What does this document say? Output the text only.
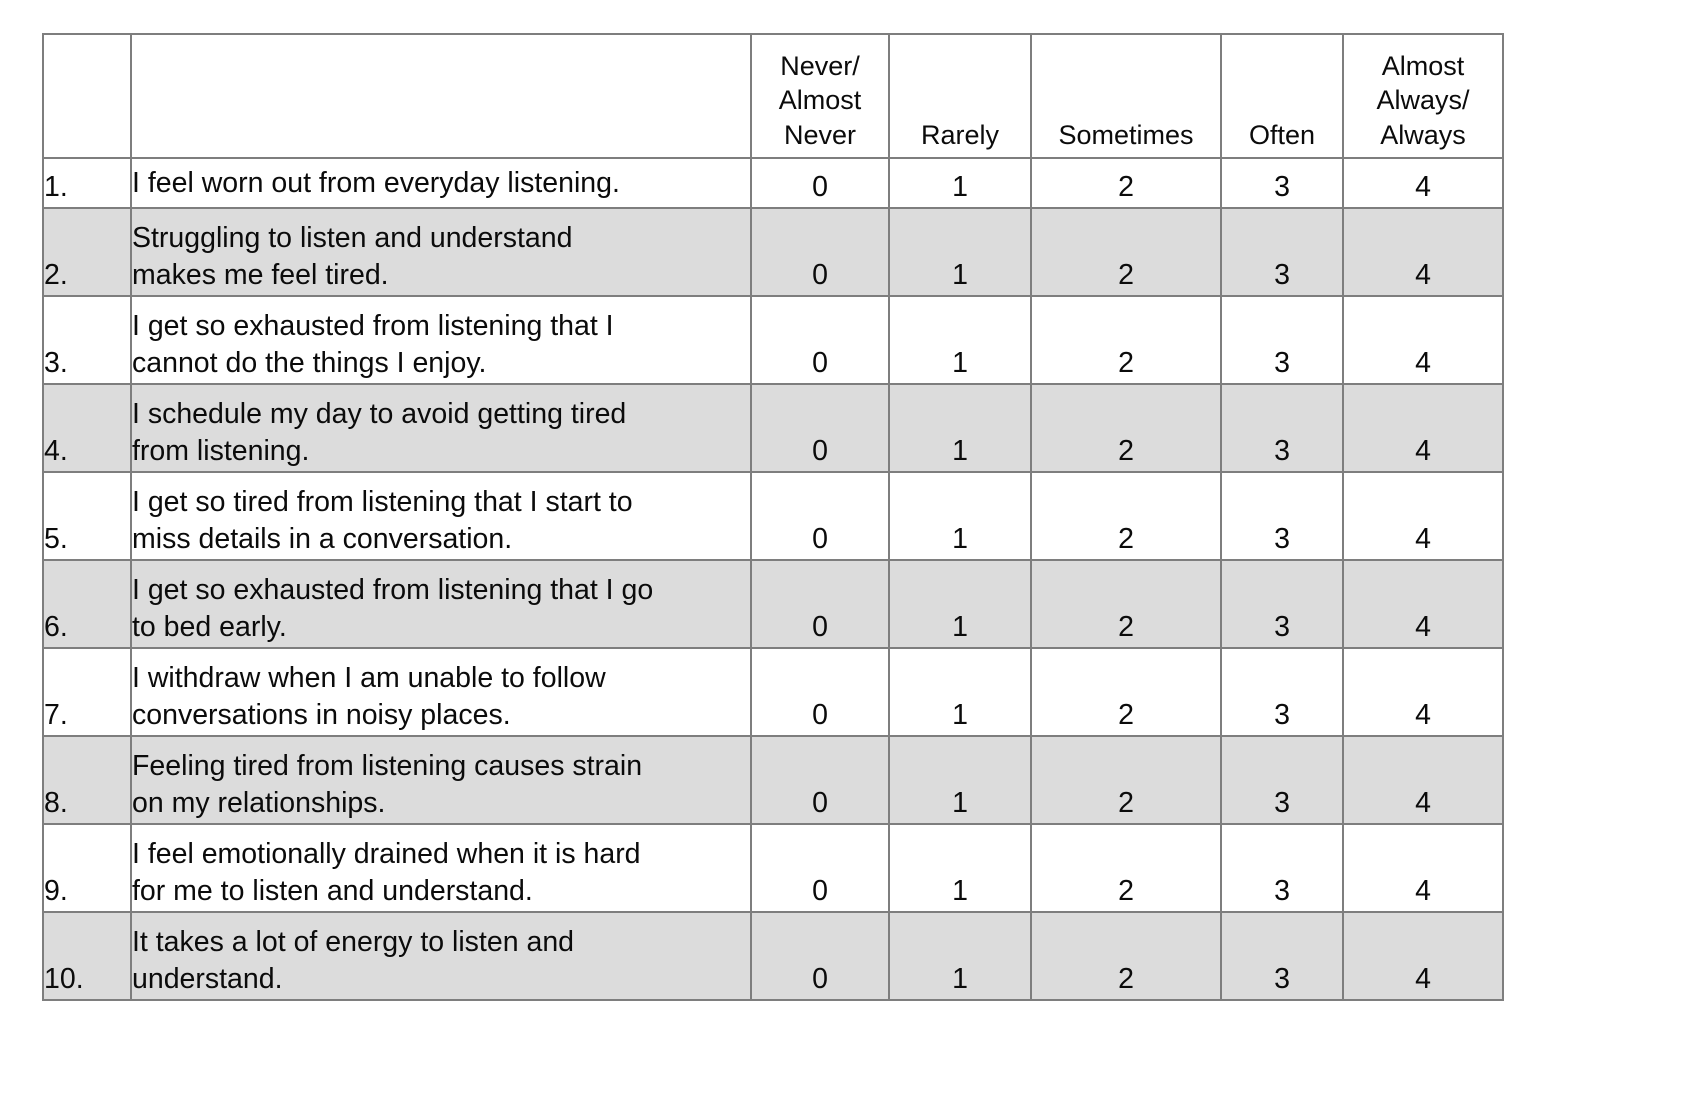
		Never/
Almost
Never	Rarely	Sometimes	Often	Almost
Always/
Always

1.	I feel worn out from everyday listening.	0	1	2	3	4
2.	Struggling to listen and understand
makes me feel tired.	0	1	2	3	4
3.	I get so exhausted from listening that I
cannot do the things I enjoy.	0	1	2	3	4
4.	I schedule my day to avoid getting tired
from listening.	0	1	2	3	4
5.	I get so tired from listening that I start to
miss details in a conversation.	0	1	2	3	4
6.	I get so exhausted from listening that I go
to bed early.	0	1	2	3	4
7.	I withdraw when I am unable to follow
conversations in noisy places.	0	1	2	3	4
8.	Feeling tired from listening causes strain
on my relationships.	0	1	2	3	4
9.	I feel emotionally drained when it is hard
for me to listen and understand.	0	1	2	3	4
10.	It takes a lot of energy to listen and
understand.	0	1	2	3	4
